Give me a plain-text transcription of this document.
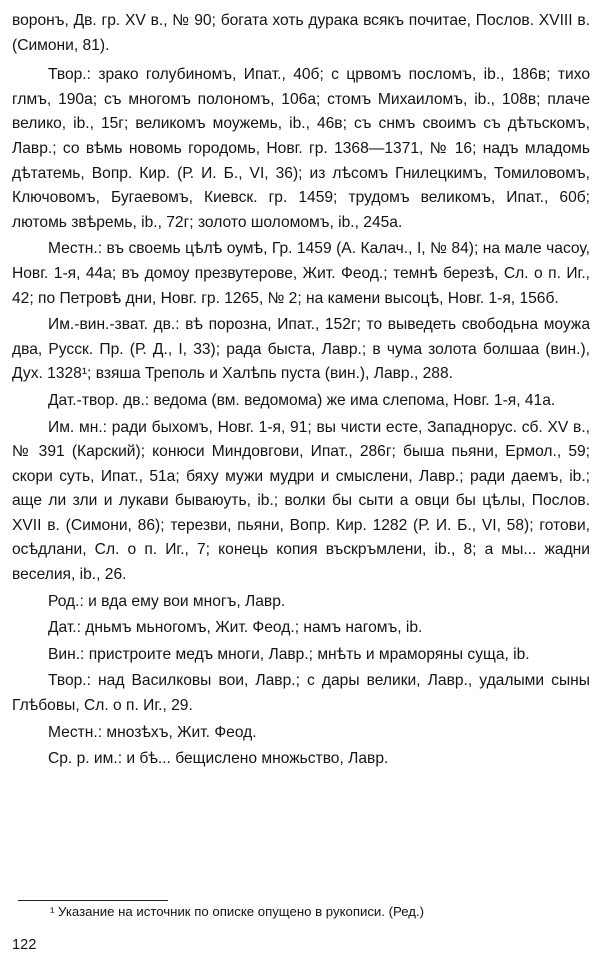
воронъ, Дв. гр. XV в., № 90; богата хоть дурака всякъ почитае, Послов. XVIII в. (Симони, 81).

Твор.: зрако голубиномъ, Ипат., 40б; с црвомъ посломъ, ib., 186в; тихо глмъ, 190а; съ многомъ полономъ, 106а; стомъ Михаиломъ, ib., 108в; плаче велико, ib., 15г; великомъ моужемь, ib., 46в; съ снмъ своимъ съ дѣтьскомъ, Лавр.; со вѣмь новомь городомь, Новг. гр. 1368—1371, № 16; надъ младомь дѣтатемь, Вопр. Кир. (Р. И. Б., VI, 36); из лѣсомъ Гнилецкимъ, Томиловомъ, Ключовомъ, Бугаевомъ, Киевск. гр. 1459; трудомъ великомъ, Ипат., 60б; лютомь звѣремь, ib., 72г; золото шоломомъ, ib., 245а.

Местн.: въ своемь цѣлѣ оумѣ, Гр. 1459 (А. Калач., I, № 84); на мале часоу, Новг. 1-я, 44а; въ домоу презвутерове, Жит. Феод.; темнѣ березѣ, Сл. о п. Иг., 42; по Петровѣ дни, Новг. гр. 1265, № 2; на камени высоцѣ, Новг. 1-я, 156б.

Им.-вин.-зват. дв.: вѣ порозна, Ипат., 152г; то выведеть свободьна моужа два, Русск. Пр. (Р. Д., I, 33); рада быста, Лавр.; в чума золота болшаа (вин.), Дух. 1328¹; взяша Треполь и Халѣпь пуста (вин.), Лавр., 288.

Дат.-твор. дв.: ведома (вм. ведомома) же има слепома, Новг. 1-я, 41а.

Им. мн.: ради быхомъ, Новг. 1-я, 91; вы чисти есте, Западнорус. сб. XV в., № 391 (Карский); конюси Миндовгови, Ипат., 286г; быша пьяни, Ермол., 59; скори суть, Ипат., 51а; бяху мужи мудри и смыслени, Лавр.; ради даемъ, ib.; аще ли зли и лукави бываюуть, ib.; волки бы сыти а овци бы цѣлы, Послов. XVII в. (Симони, 86); терезви, пьяни, Вопр. Кир. 1282 (Р. И. Б., VI, 58); готови, осѣдлани, Сл. о п. Иг., 7; конець копия въскръмлени, ib., 8; а мы... жадни веселия, ib., 26.

Род.: и вда ему вои многъ, Лавр.

Дат.: дньмъ мьногомъ, Жит. Феод.; намъ нагомъ, ib.

Вин.: пристроите медъ многи, Лавр.; мнѣть и мраморяны суща, ib.

Твор.: над Василковы вои, Лавр.; с дары велики, Лавр., удалыми сыны Глѣбовы, Сл. о п. Иг., 29.

Местн.: мнозѣхъ, Жит. Феод.

Ср. р. им.: и бѣ... бещислено множьство, Лавр.

¹ Указание на источник по описке опущено в рукописи. (Ред.)
122
